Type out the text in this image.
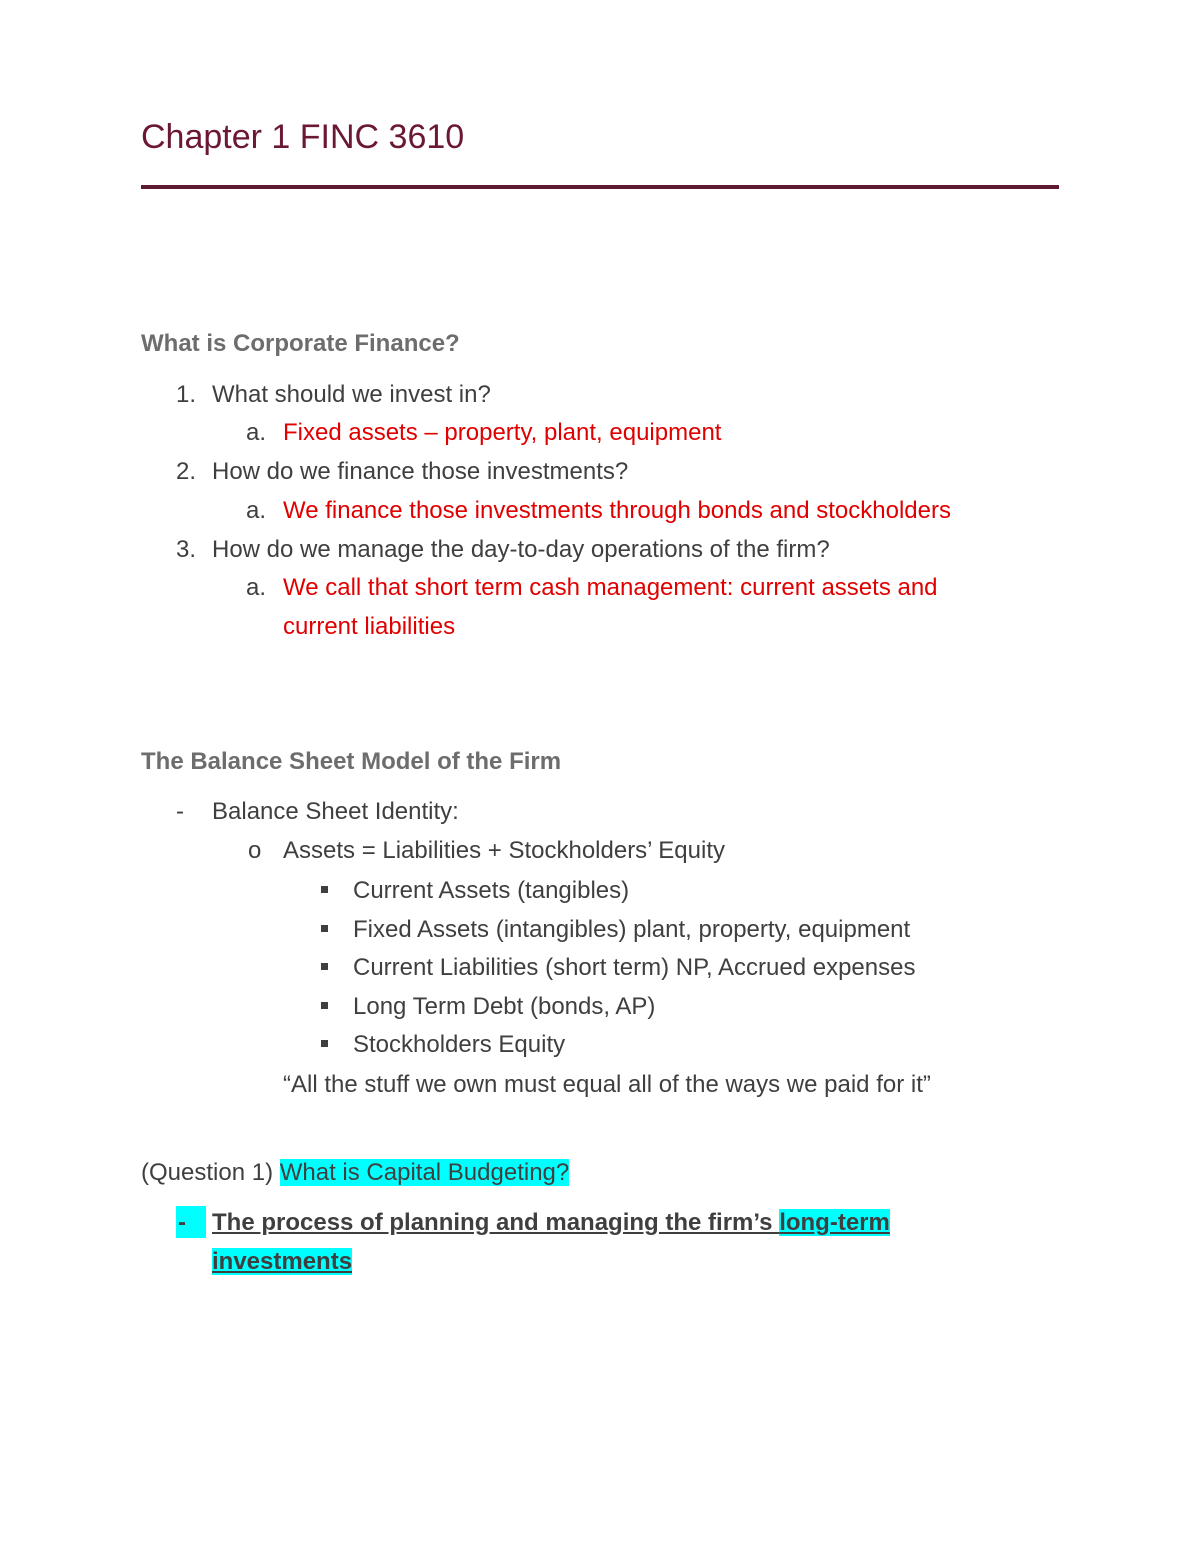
Chapter 1 FINC 3610
What is Corporate Finance?
1. What should we invest in?
a. Fixed assets – property, plant, equipment
2. How do we finance those investments?
a. We finance those investments through bonds and stockholders
3. How do we manage the day-to-day operations of the firm?
a. We call that short term cash management: current assets and
current liabilities
The Balance Sheet Model of the Firm
- Balance Sheet Identity:
o Assets = Liabilities + Stockholders’ Equity
Current Assets (tangibles)
Fixed Assets (intangibles) plant, property, equipment
Current Liabilities (short term) NP, Accrued expenses
Long Term Debt (bonds, AP)
Stockholders Equity
“All the stuff we own must equal all of the ways we paid for it”
(Question 1) What is Capital Budgeting?
- The process of planning and managing the firm’s long-term
investments
